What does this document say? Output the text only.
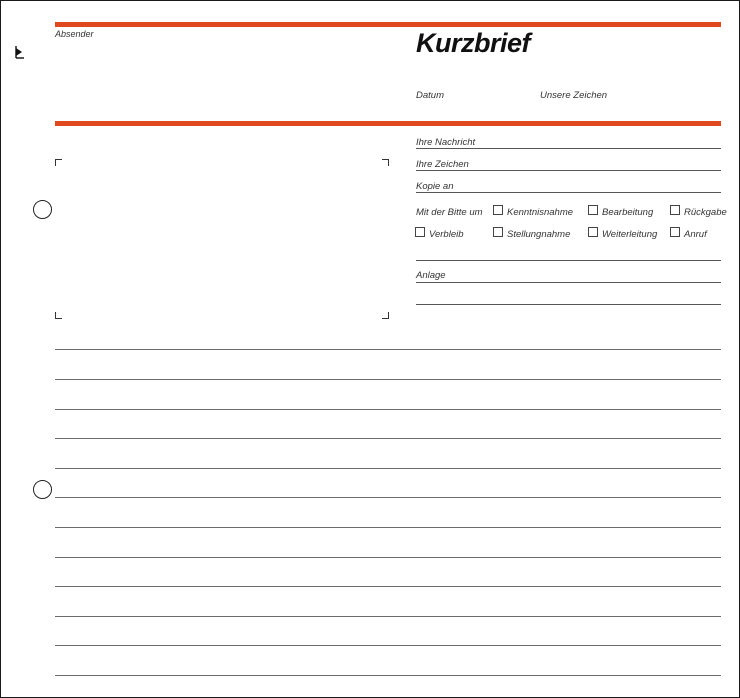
Absender	Kurzbrief
Datum	Unsere Zeichen
Ihre Nachricht
Ihre Zeichen
Kopie an
Mit der Bitte um	Kenntnisnahme	Bearbeitung	Rückgabe
Verbleib	Stellungnahme	Weiterleitung	Anruf
Anlage
